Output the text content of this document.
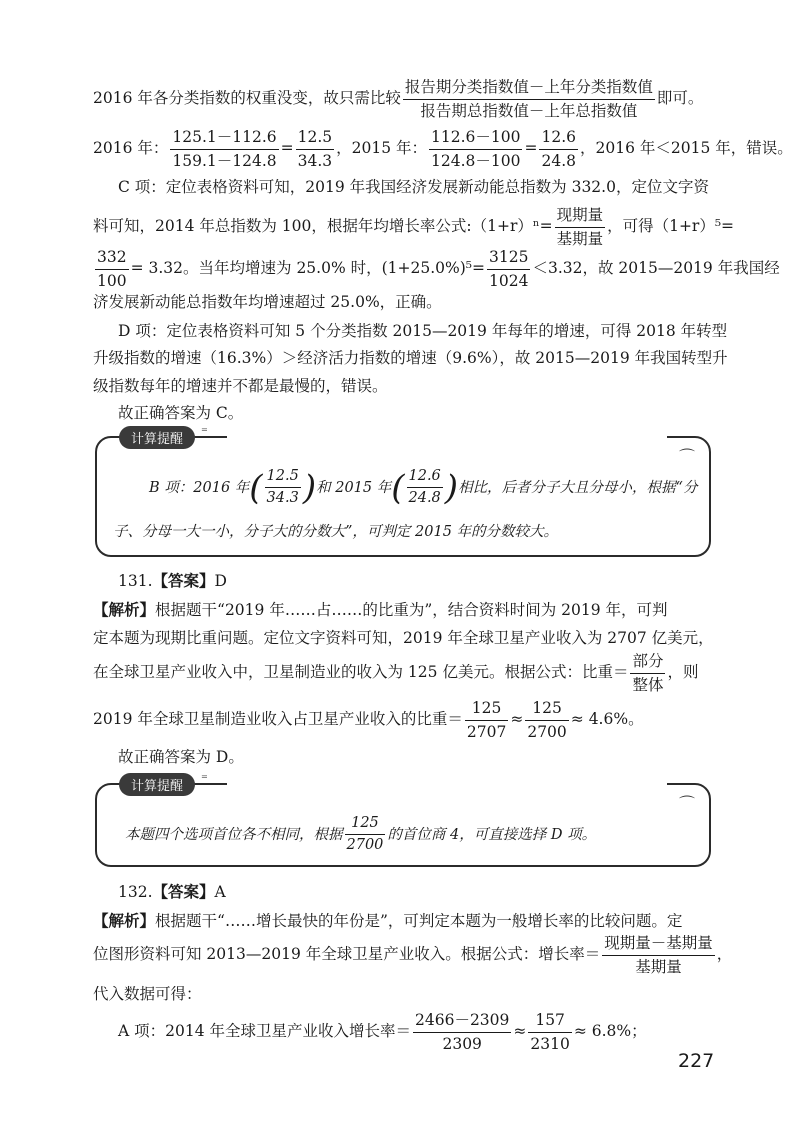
2016 年各分类指数的权重没变，故只需比较 $\frac{\text{报告期分类指数值－上年分类指数值}}{\text{报告期总指数值－上年总指数值}}$ 即可。
2016 年： $\frac{125.1-112.6}{159.1-124.8} = \frac{12.5}{34.3}$ ，2015 年： $\frac{112.6-100}{124.8-100} = \frac{12.6}{24.8}$ ，2016 年＜2015 年，错误。
C 项：定位表格资料可知，2019 年我国经济发展新动能总指数为 332.0，定位文字资
料可知，2014 年总指数为 100，根据年均增长率公式:（1+r）ⁿ= $\frac{\text{现期量}}{\text{基期量}}$ ，可得（1+r）⁵=
$\frac{332}{100} = 3.32$。当年均增速为 25.0% 时，$(1+25.0\%)^5= \frac{3125}{1024} <3.32$，故 2015—2019 年我国经
济发展新动能总指数年均增速超过 25.0%，正确。
D 项：定位表格资料可知 5 个分类指数 2015—2019 年每年的增速，可得 2018 年转型
升级指数的增速（16.3%）＞经济活力指数的增速（9.6%），故 2015—2019 年我国转型升
级指数每年的增速并不都是最慢的，错误。
故正确答案为 C。
计算提醒	⁼
⌒
B 项：2016 年( $\frac{12.5}{34.3}$ )和 2015 年( $\frac{12.6}{24.8}$ )相比，后者分子大且分母小，根据“分
子、分母一大一小，分子大的分数大”，可判定 2015 年的分数较大。
131.【答案】D
【解析】根据题干“2019 年……占……的比重为”，结合资料时间为 2019 年，可判
定本题为现期比重问题。定位文字资料可知，2019 年全球卫星产业收入为 2707 亿美元，
在全球卫星产业收入中，卫星制造业的收入为 125 亿美元。根据公式：比重＝ $\frac{\text{部分}}{\text{整体}}$ ，则
2019 年全球卫星制造业收入占卫星产业收入的比重＝ $\frac{125}{2707} \approx \frac{125}{2700} \approx 4.6\%$。
故正确答案为 D。
计算提醒	⁼
⌒
本题四个选项首位各不相同，根据 $\frac{125}{2700}$ 的首位商 4，可直接选择 D 项。
132.【答案】A
【解析】根据题干“……增长最快的年份是”，可判定本题为一般增长率的比较问题。定
位图形资料可知 2013—2019 年全球卫星产业收入。根据公式：增长率＝ $\frac{\text{现期量－基期量}}{\text{基期量}}$ ，
代入数据可得：
A 项：2014 年全球卫星产业收入增长率＝ $\frac{2466-2309}{2309} \approx \frac{157}{2310} \approx 6.8\%$；
227
